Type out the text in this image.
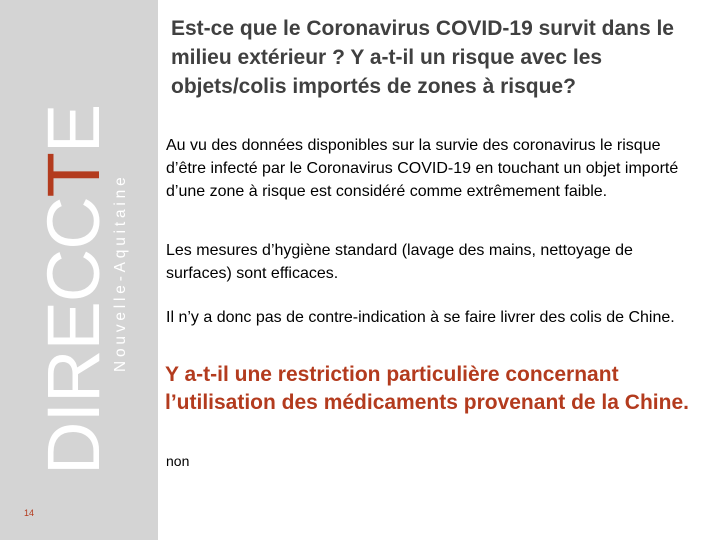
DIRECCTE
Nouvelle-Aquitaine
14
Est-ce que le Coronavirus COVID-19 survit dans le milieu extérieur ? Y a-t-il un risque avec les objets/colis importés de zones à risque?

Au vu des données disponibles sur la survie des coronavirus le risque d’être infecté par le Coronavirus COVID-19 en touchant un objet importé d’une zone à risque est considéré comme extrêmement faible.

Les mesures d’hygiène standard (lavage des mains, nettoyage de surfaces) sont efficaces.

Il n’y a donc pas de contre-indication à se faire livrer des colis de Chine.

Y a-t-il une restriction particulière concernant l’utilisation des médicaments provenant de la Chine.

non
